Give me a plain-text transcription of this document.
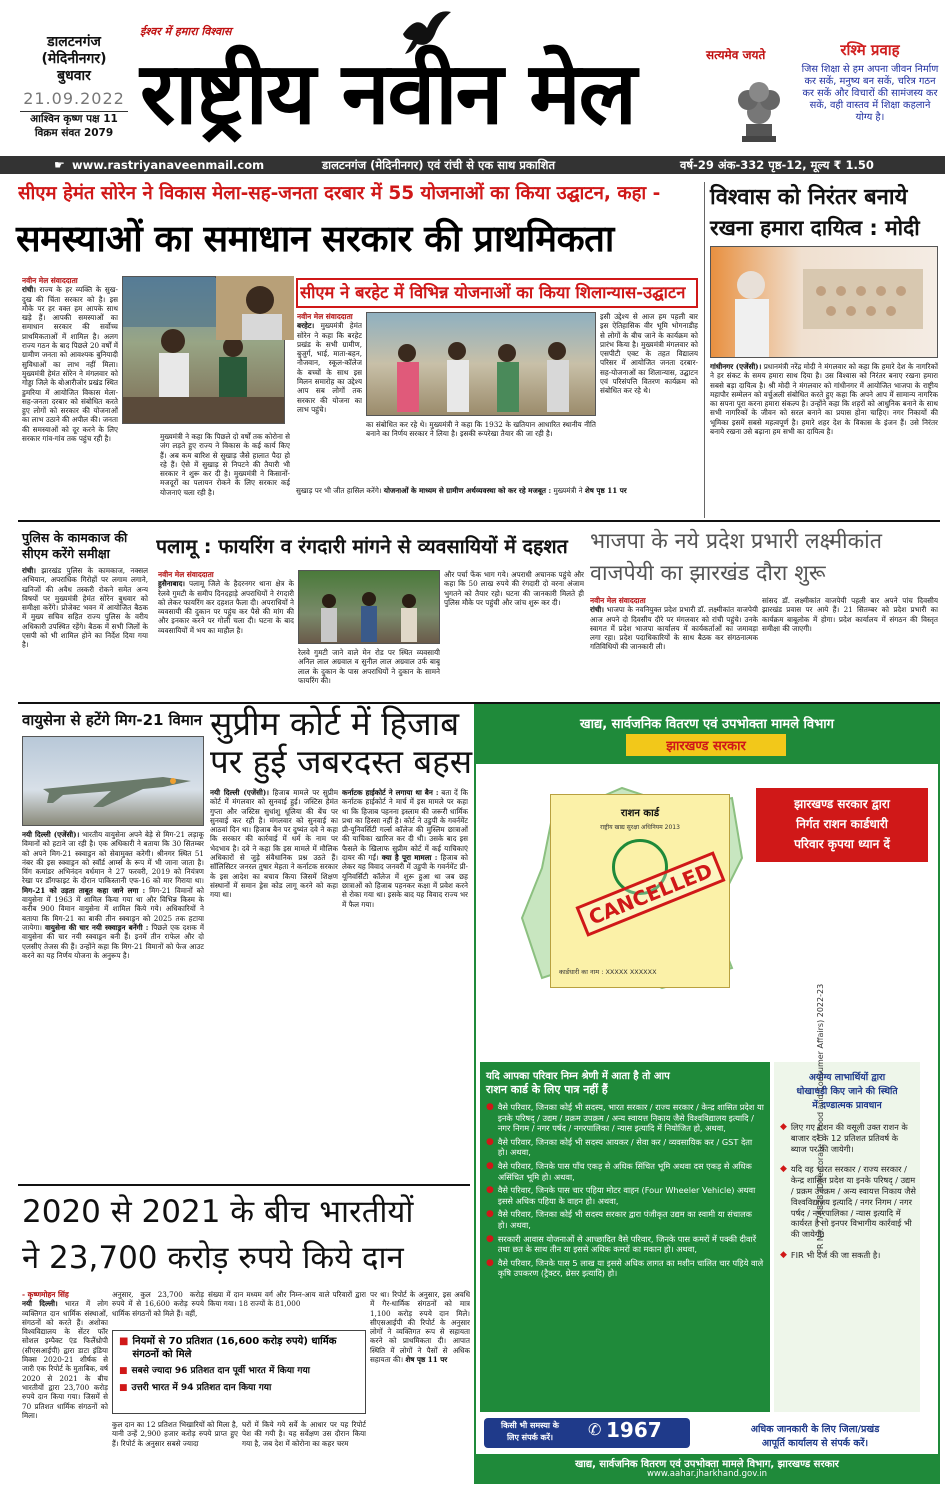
डालटनगंज
(मेदिनीनगर)
बुधवार
21.09.2022
आश्विन कृष्ण पक्ष 11
विक्रम संवत 2079
ईश्वर में हमारा विश्वास
राष्ट्रीय नवीन मेल	सत्यमेव जयते	रश्मि प्रवाह
जिस शिक्षा से हम अपना जीवन निर्माण कर सकें, मनुष्य बन सकें, चरित्र गठन कर सकें और विचारों की सामंजस्य कर सकें, वही वास्तव में शिक्षा कहलाने योग्य है।
☛ www.rastriyanaveenmail.com	डालटनगंज (मेदिनीनगर) एवं रांची से एक साथ प्रकाशित	वर्ष-29 अंक-332 पृष्ठ-12, मूल्य ₹ 1.50
सीएम हेमंत सोरेन ने विकास मेला-सह-जनता दरबार में 55 योजनाओं का किया उद्घाटन, कहा -
समस्याओं का समाधान सरकार की प्राथमिकता
नवीन मेल संवाददाता
रांची। राज्य के हर व्यक्ति के सुख-दुख की चिंता सरकार को है। इस मौके पर हर वक्त हम आपके साथ खड़े हैं। आपकी समस्याओं का समाधान सरकार की सर्वोच्च प्राथमिकताओं में शामिल है। अलग राज्य गठन के बाद पिछले 20 वर्षों में ग्रामीण जनता को आवश्यक बुनियादी सुविधाओं का लाभ नहीं मिला। मुख्यमंत्री हेमंत सोरेन ने मंगलवार को गोड्डा जिले के बोआरीजोर प्रखंड स्थित डुमरिया में आयोजित विकास मेला-सह-जनता दरबार को संबोधित करते हुए लोगों को सरकार की योजनाओं का लाभ उठाने की अपील की। जनता की समस्याओं को दूर करने के लिए सरकार गांव-गांव तक पहुंच रही है।	मुख्यमंत्री ने कहा कि पिछले दो वर्षों तक कोरोना से जंग लड़ते हुए राज्य ने विकास के कई कार्य किए हैं। अब कम बारिश से सुखाड़ जैसे हालात पैदा हो रहे हैं। ऐसे में सुखाड़ से निपटने की तैयारी भी सरकार ने शुरू कर दी है। मुख्यमंत्री ने किसानों-मजदूरों का पलायन रोकने के लिए सरकार कई योजनाएं चला रही है।
सीएम ने बरहेट में विभिन्न योजनाओं का किया शिलान्यास-उद्घाटन
नवीन मेल संवाददाता
बरहेट। मुख्यमंत्री हेमंत सोरेन ने कहा कि बरहेट प्रखंड के सभी ग्रामीण, बुजुर्ग, भाई, माता-बहन, नौजवान, स्कूल-कॉलेज के बच्चों के साथ इस मिलन समारोह का उद्देश्य आप सब लोगों तक सरकार की योजना का लाभ पहुंचे।
का संबोधित कर रहे थे। मुख्यमंत्री ने कहा कि 1932 के खतियान आधारित स्थानीय नीति बनाने का निर्णय सरकार ने लिया है। इसकी रूपरेखा तैयार की जा रही है।
इसी उद्देश्य से आज हम पहली बार इस ऐतिहासिक वीर भूमि भोगनाडीह से लोगों के बीच जाने के कार्यक्रम को प्रारंभ किया है। मुख्यमंत्री मंगलवार को एसपीटी एक्ट के तहत विद्यालय परिसर में आयोजित जनता दरबार-सह-योजनाओं का शिलान्यास, उद्घाटन एवं परिसंपत्ति वितरण कार्यक्रम को संबोधित कर रहे थे।
सुखाड़ पर भी जीत हासिल करेंगे। योजनाओं के माध्यम से ग्रामीण अर्थव्यवस्था को कर रहे मजबूत : मुख्यमंत्री ने शेष पृष्ठ 11 पर
विश्वास को निरंतर बनाये
रखना हमारा दायित्व : मोदी
गांधीनगर (एजेंसी)। प्रधानमंत्री नरेंद्र मोदी ने मंगलवार को कहा कि हमारे देश के नागरिकों ने हर संकट के समय हमारा साथ दिया है। उस विश्वास को निरंतर बनाए रखना हमारा सबसे बड़ा दायित्व है। श्री मोदी ने मंगलवार को गांधीनगर में आयोजित भाजपा के राष्ट्रीय महापौर सम्मेलन को वर्चुअली संबोधित करते हुए कहा कि अपने आप में सामान्य नागरिक का सपना पूरा करना हमारा संकल्प है। उन्होंने कहा कि शहरों को आधुनिक बनाने के साथ सभी नागरिकों के जीवन को सरल बनाने का प्रयास होना चाहिए। नगर निकायों की भूमिका इसमें सबसे महत्वपूर्ण है। हमारे शहर देश के विकास के इंजन हैं। उसे निरंतर बनाये रखना उसे बढ़ाना हम सभी का दायित्व है।
पुलिस के कामकाज की
सीएम करेंगे समीक्षा
रांची। झारखंड पुलिस के कामकाज, नक्सल अभियान, अपराधिक गिरोहों पर लगाम लगाने, खनिजों की अवैध तस्करी रोकने समेत अन्य विषयों पर मुख्यमंत्री हेमंत सोरेन बुधवार को समीक्षा करेंगे। प्रोजेक्ट भवन में आयोजित बैठक में मुख्य सचिव सहित राज्य पुलिस के वरीय अधिकारी उपस्थित रहेंगे। बैठक में सभी जिलों के एसपी को भी शामिल होने का निर्देश दिया गया है।
पलामू : फायरिंग व रंगदारी मांगने से व्यवसायियों में दहशत
नवीन मेल संवाददाता
हुसैनाबाद। पलामू जिले के हैदरनगर थाना क्षेत्र के रेलवे गुमटी के समीप दिनदहाड़े अपराधियों ने रंगदारी को लेकर फायरिंग कर दहशत फैला दी। अपराधियों ने व्यवसायी की दुकान पर पहुंच कर पैसे की मांग की और इनकार करने पर गोली चला दी। घटना के बाद व्यवसायियों में भय का माहौल है।
रेलवे गुमटी जाने वाले मेन रोड पर स्थित व्यवसायी अनिल लाल अग्रवाल व सुनील लाल अग्रवाल उर्फ बाबू लाल के दुकान के पास अपराधियों ने दुकान के सामने फायरिंग की।
और पर्चा फेंक भाग गये। अपराधी अचानक पहुंचे और कहा कि 50 लाख रुपये की रंगदारी दो वरना अंजाम भुगतने को तैयार रहो। घटना की जानकारी मिलते ही पुलिस मौके पर पहुंची और जांच शुरू कर दी।
भाजपा के नये प्रदेश प्रभारी लक्ष्मीकांत
वाजपेयी का झारखंड दौरा शुरू
नवीन मेल संवाददाता
रांची। भाजपा के नवनियुक्त प्रदेश प्रभारी डॉ. लक्ष्मीकांत वाजपेयी आज अपने दो दिवसीय दौरे पर मंगलवार को रांची पहुंचे। उनके स्वागत में प्रदेश भाजपा कार्यालय में कार्यकर्ताओं का जमावड़ा लगा रहा। प्रदेश पदाधिकारियों के साथ बैठक कर संगठनात्मक गतिविधियों की जानकारी ली।
सांसद डॉ. लक्ष्मीकांत वाजपेयी पहली बार अपने पांच दिवसीय झारखंड प्रवास पर आये हैं। 21 सितम्बर को प्रदेश प्रभारी का कार्यक्रम बाबूलोक में होगा। प्रदेश कार्यालय में संगठन की विस्तृत समीक्षा की जाएगी।
वायुसेना से हटेंगे मिग-21 विमान
नयी दिल्ली (एजेंसी)। भारतीय वायुसेना अपने बेड़े से मिग-21 लड़ाकू विमानों को हटाने जा रही है। एक अधिकारी ने बताया कि 30 सितम्बर को अपने मिग-21 स्क्वाड्रन को सेवामुक्त करेगी। श्रीनगर स्थित 51 नंबर की इस स्क्वाड्रन को स्वॉर्ड आर्म्स के रूप में भी जाना जाता है। विंग कमांडर अभिनंदन वर्धमान ने 27 फरवरी, 2019 को नियंत्रण रेखा पर डॉगफाइट के दौरान पाकिस्तानी एफ-16 को मार गिराया था। मिग-21 को उड़ता ताबूत कहा जाने लगा : मिग-21 विमानों को वायुसेना में 1963 में शामिल किया गया था और विभिन्न किस्म के करीब 900 विमान वायुसेना में शामिल किये गये। अधिकारियों ने बताया कि मिग-21 का बाकी तीन स्क्वाड्रन को 2025 तक हटाया जायेगा। वायुसेना की चार नयी स्क्वाड्रन बनेंगी : पिछले एक दशक में वायुसेना की चार नयी स्क्वाड्रन बनी हैं। इनमें तीन राफेल और दो एलसीए तेजस की हैं। उन्होंने कहा कि मिग-21 विमानों को फेज आउट करने का यह निर्णय योजना के अनुरूप है।
सुप्रीम कोर्ट में हिजाब
पर हुई जबरदस्त बहस
नयी दिल्ली (एजेंसी)। हिजाब मामले पर सुप्रीम कोर्ट में मंगलवार को सुनवाई हुई। जस्टिस हेमंत गुप्ता और जस्टिस सुधांशु धूलिया की बेंच पर सुनवाई कर रही है। मंगलवार को सुनवाई का आठवां दिन था। हिजाब बैन पर दुष्यंत दवे ने कहा कि सरकार की कार्रवाई में धर्म के नाम पर भेदभाव है। दवे ने कहा कि इस मामले में मौलिक अधिकारों से जुड़े संवैधानिक प्रश्न उठते हैं। सॉलिसिटर जनरल तुषार मेहता ने कर्नाटक सरकार के इस आदेश का बचाव किया जिसमें शिक्षण संस्थानों में समान ड्रेस कोड लागू करने को कहा गया था।
कर्नाटक हाईकोर्ट ने लगाया था बैन : बता दें कि कर्नाटक हाईकोर्ट ने मार्च में इस मामले पर कहा था कि हिजाब पहनना इस्लाम की जरूरी धार्मिक प्रथा का हिस्सा नहीं है। कोर्ट ने उडुपी के गवर्नमेंट प्री-यूनिवर्सिटी गर्ल्स कॉलेज की मुस्लिम छात्राओं की याचिका खारिज कर दी थी। उसके बाद इस फैसले के खिलाफ सुप्रीम कोर्ट में कई याचिकाएं दायर की गईं। क्या है पूरा मामला : हिजाब को लेकर यह विवाद जनवरी में उडुपी के गवर्नमेंट प्री-यूनिवर्सिटी कॉलेज में शुरू हुआ था जब छह छात्राओं को हिजाब पहनकर कक्षा में प्रवेश करने से रोका गया था। इसके बाद यह विवाद राज्य भर में फैल गया।
खाद्य, सार्वजनिक वितरण एवं उपभोक्ता मामले विभाग
झारखण्ड सरकार
राशन कार्ड
राष्ट्रीय खाद्य सुरक्षा अधिनियम 2013
कार्डधारी का नाम : XXXXX XXXXXX
CANCELLED
झारखण्ड सरकार द्वारा
निर्गत राशन कार्डधारी
परिवार कृपया ध्यान दें
यदि आपका परिवार निम्न श्रेणी में आता है तो आप
राशन कार्ड के लिए पात्र नहीं हैं
● वैसे परिवार, जिनका कोई भी सदस्य, भारत सरकार / राज्य सरकार / केन्द्र शासित प्रदेश या इनके परिषद् / उद्यम / प्रक्रम उपक्रम / अन्य स्वायत्त निकाय जैसे विश्वविद्यालय इत्यादि / नगर निगम / नगर पर्षद / नगरपालिका / न्यास इत्यादि में नियोजित हो, अथवा,
● वैसे परिवार, जिनका कोई भी सदस्य आयकर / सेवा कर / व्यवसायिक कर / GST देता हो। अथवा,
● वैसे परिवार, जिनके पास पाँच एकड़ से अधिक सिंचित भूमि अथवा दस एकड़ से अधिक असिंचित भूमि हो। अथवा,
● वैसे परिवार, जिनके पास चार पहिया मोटर वाहन (Four Wheeler Vehicle) अथवा इससे अधिक पहिया के वाहन हो। अथवा,
● वैसे परिवार, जिनका कोई भी सदस्य सरकार द्वारा पंजीकृत उद्यम का स्वामी या संचालक हो। अथवा,
● सरकारी आवास योजनाओं से आच्छादित वैसे परिवार, जिनके पास कमरों में पक्की दीवारें तथा छत के साथ तीन या इससे अधिक कमरों का मकान हो। अथवा,
● वैसे परिवार, जिनके पास 5 लाख या इससे अधिक लागत का मशीन चालित चार पहिये वाले कृषि उपकरण (ट्रैक्टर, थ्रेसर इत्यादि) हो।
अयोग्य लाभार्थियों द्वारा
धोखाधड़ी किए जाने की स्थिति
में दण्डात्मक प्रावधान
◆ लिए गए राशन की वसूली उक्त राशन के बाजार दर के 12 प्रतिशत प्रतिवर्ष के ब्याज पर की जायेगी।
◆ यदि वह भारत सरकार / राज्य सरकार / केन्द्र शासित प्रदेश या इनके परिषद् / उद्यम / प्रक्रम उपक्रम / अन्य स्वायत्त निकाय जैसे विश्वविद्यालय इत्यादि / नगर निगम / नगर पर्षद / नगरपालिका / न्यास इत्यादि में कार्यरत है तो इनपर विभागीय कार्रवाई भी की जायेगी।
◆ FIR भी दर्ज की जा सकती है।
PR No. 276828 (Directorate of Food and Consumer Affairs) 2022-23
किसी भी समस्या के
लिए संपर्क करें।	✆ 1967	अधिक जानकारी के लिए जिला/प्रखंड
आपूर्ति कार्यालय से संपर्क करें।
खाद्य, सार्वजनिक वितरण एवं उपभोक्ता मामले विभाग, झारखण्ड सरकार
www.aahar.jharkhand.gov.in
2020 से 2021 के बीच भारतीयों
ने 23,700 करोड़ रुपये किये दान
- कृष्णमोहन सिंह
नयी दिल्ली। भारत में लोग व्यक्तिगत दान धार्मिक संस्थाओं, संगठनों को करते हैं। अशोका विश्वविद्यालय के सेंटर फॉर सोशल इम्पैक्ट एंड फिलैंथ्रोपी (सीएसआईपी) द्वारा डाटा इंडिया मिक्स 2020-21 शीर्षक से जारी एक रिपोर्ट के मुताबिक, वर्ष 2020 से 2021 के बीच भारतीयों द्वारा 23,700 करोड़ रुपये दान किया गया। जिसमें से 70 प्रतिशत धार्मिक संगठनों को मिला।
अनुसार, कुल 23,700 करोड़ रुपये में से 16,600 करोड़ रुपये धार्मिक संगठनों को मिले हैं। वहीं,
संख्या में दान मध्यम वर्ग और निम्न-आय वाले परिवारों द्वारा किया गया। 18 राज्यों के 81,000
पर था। रिपोर्ट के अनुसार, इस अवधि में गैर-धार्मिक संगठनों को मात्र 1,100 करोड़ रुपये दान मिले। सीएसआईपी की रिपोर्ट के अनुसार लोगों ने व्यक्तिगत रूप से सहायता करने को प्राथमिकता दी। आपात स्थिति में लोगों ने पैसों से अधिक सहायता की। शेष पृष्ठ 11 पर
■ नियमों से 70 प्रतिशत (16,600 करोड़ रुपये) धार्मिक संगठनों को मिले
■ सबसे ज्यादा 96 प्रतिशत दान पूर्वी भारत में किया गया
■ उत्तरी भारत में 94 प्रतिशत दान किया गया
कुल दान का 12 प्रतिशत भिखारियों को मिला है, यानी उन्हें 2,900 हजार करोड़ रुपये प्राप्त हुए हैं। रिपोर्ट के अनुसार सबसे ज्यादा
घरों में किये गये सर्वे के आधार पर यह रिपोर्ट पेश की गयी है। यह सर्वेक्षण उस दौरान किया गया है, जब देश में कोरोना का कहर चरम
